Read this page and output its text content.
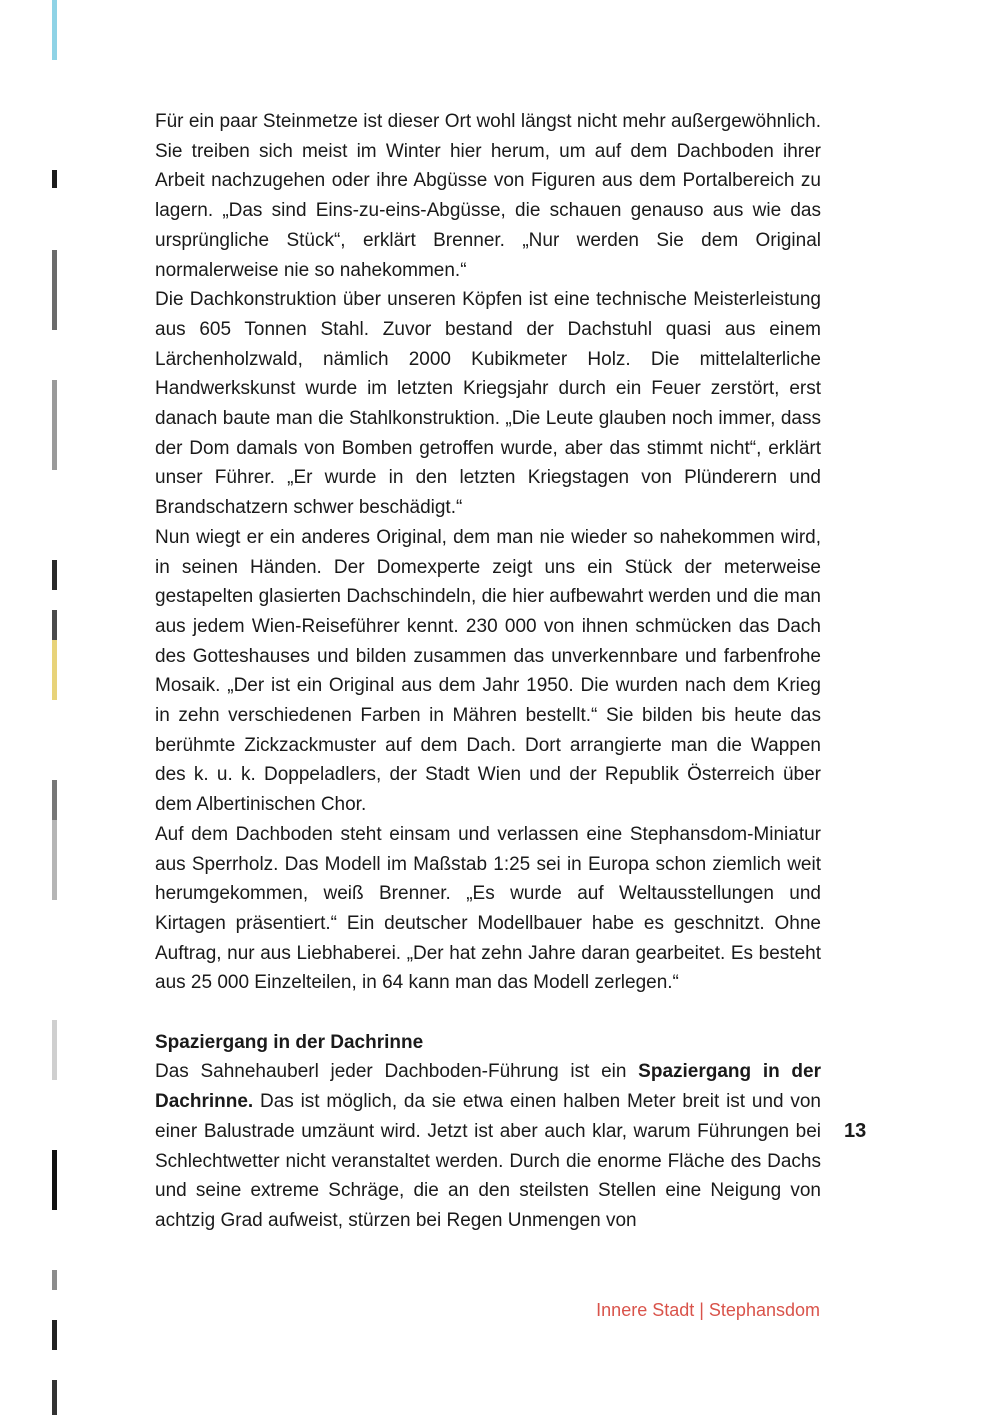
Für ein paar Steinmetze ist dieser Ort wohl längst nicht mehr außergewöhnlich. Sie treiben sich meist im Winter hier herum, um auf dem Dachboden ihrer Arbeit nachzugehen oder ihre Abgüsse von Figuren aus dem Portalbereich zu lagern. „Das sind Eins-zu-eins-Abgüsse, die schauen genauso aus wie das ursprüngliche Stück“, erklärt Brenner. „Nur werden Sie dem Original normalerweise nie so nahekommen.“

Die Dachkonstruktion über unseren Köpfen ist eine technische Meisterleistung aus 605 Tonnen Stahl. Zuvor bestand der Dachstuhl quasi aus einem Lärchenholzwald, nämlich 2000 Kubikmeter Holz. Die mittelalterliche Handwerkskunst wurde im letzten Kriegsjahr durch ein Feuer zerstört, erst danach baute man die Stahlkonstruktion. „Die Leute glauben noch immer, dass der Dom damals von Bomben getroffen wurde, aber das stimmt nicht“, erklärt unser Führer. „Er wurde in den letzten Kriegstagen von Plünderern und Brandschatzern schwer beschädigt.“

Nun wiegt er ein anderes Original, dem man nie wieder so nahekommen wird, in seinen Händen. Der Domexperte zeigt uns ein Stück der meterweise gestapelten glasierten Dachschindeln, die hier aufbewahrt werden und die man aus jedem Wien-Reiseführer kennt. 230 000 von ihnen schmücken das Dach des Gotteshauses und bilden zusammen das unverkennbare und farbenfrohe Mosaik. „Der ist ein Original aus dem Jahr 1950. Die wurden nach dem Krieg in zehn verschiedenen Farben in Mähren bestellt.“ Sie bilden bis heute das berühmte Zickzackmuster auf dem Dach. Dort arrangierte man die Wappen des k. u. k. Doppeladlers, der Stadt Wien und der Republik Österreich über dem Albertinischen Chor.

Auf dem Dachboden steht einsam und verlassen eine Stephansdom-Miniatur aus Sperrholz. Das Modell im Maßstab 1:25 sei in Europa schon ziemlich weit herumgekommen, weiß Brenner. „Es wurde auf Weltausstellungen und Kirtagen präsentiert.“ Ein deutscher Modellbauer habe es geschnitzt. Ohne Auftrag, nur aus Liebhaberei. „Der hat zehn Jahre daran gearbeitet. Es besteht aus 25 000 Einzelteilen, in 64 kann man das Modell zerlegen.“

Spaziergang in der Dachrinne

Das Sahnehauberl jeder Dachboden-Führung ist ein Spaziergang in der Dachrinne. Das ist möglich, da sie etwa einen halben Meter breit ist und von einer Balustrade umzäunt wird. Jetzt ist aber auch klar, warum Führungen bei Schlechtwetter nicht veranstaltet werden. Durch die enorme Fläche des Dachs und seine extreme Schräge, die an den steilsten Stellen eine Neigung von achtzig Grad aufweist, stürzen bei Regen Unmengen von

13
Innere Stadt | Stephansdom
